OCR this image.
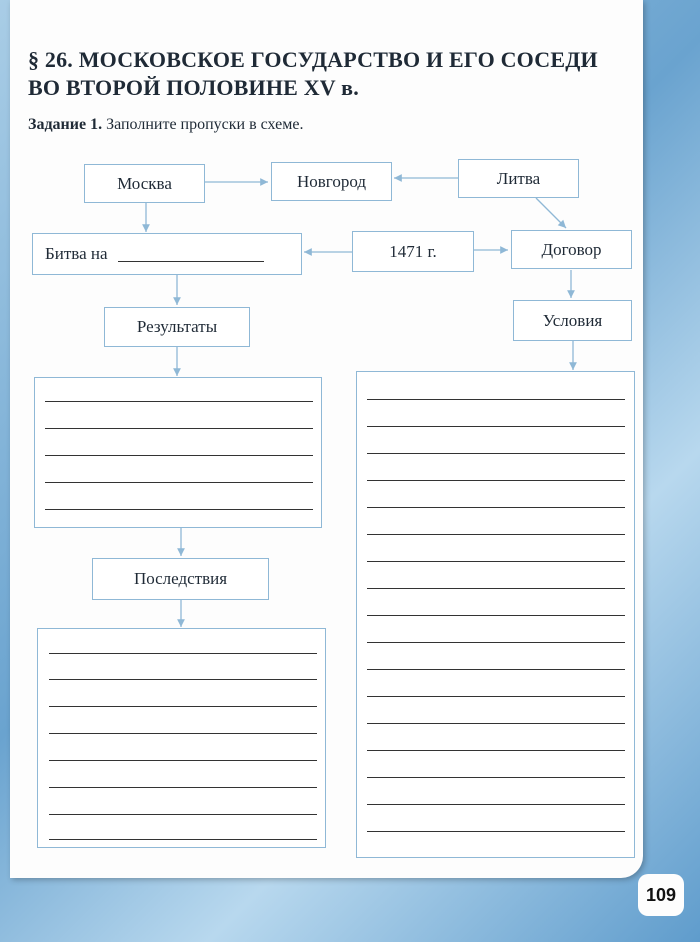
§ 26. МОСКОВСКОЕ ГОСУДАРСТВО И ЕГО СОСЕДИ
ВО ВТОРОЙ ПОЛОВИНЕ XV в.
Задание 1. Заполните пропуски в схеме.
Москва	Новгород	Литва
Битва на	1471 г.	Договор
Результаты	Условия
Последствия
109
